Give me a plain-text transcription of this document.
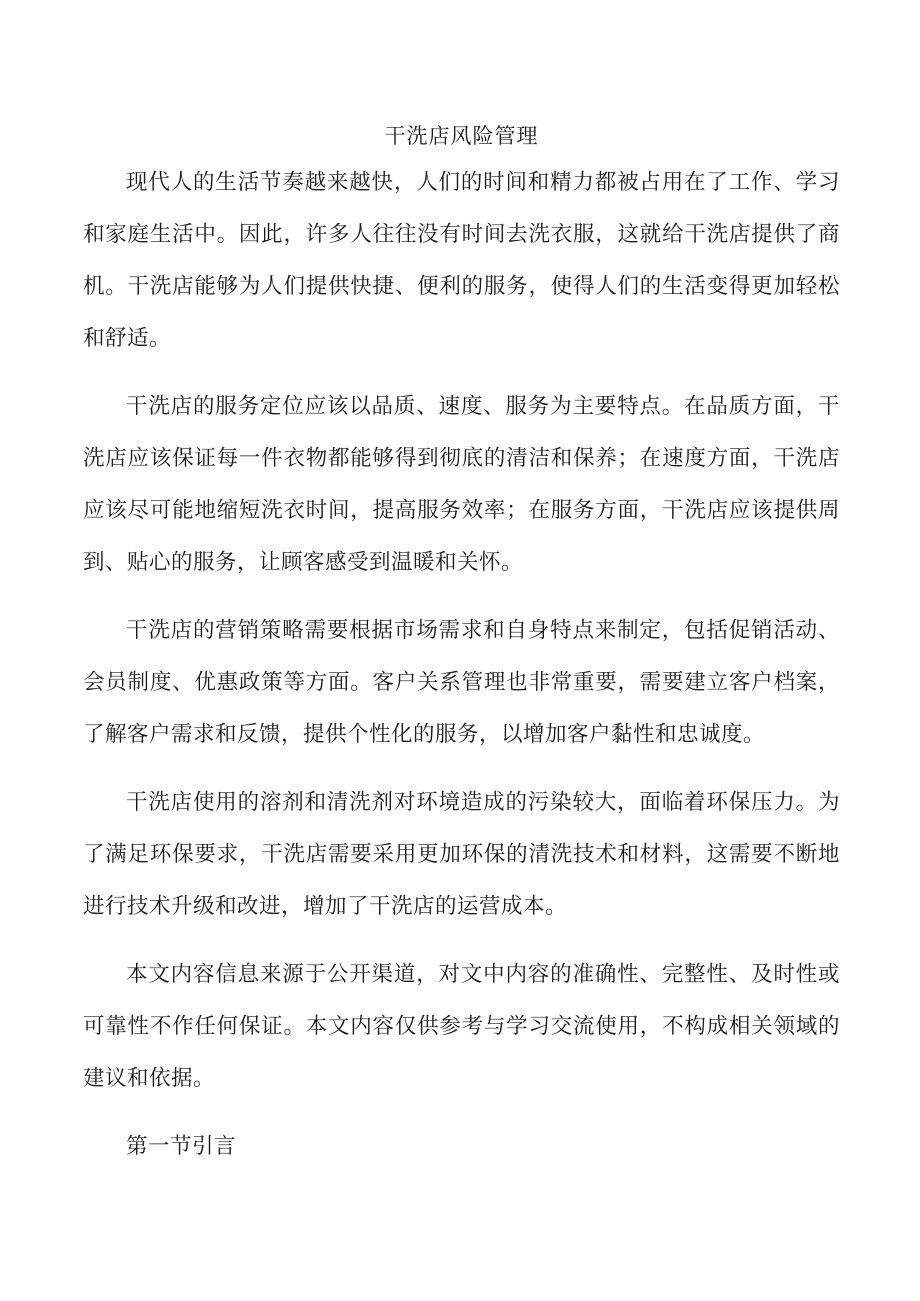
干洗店风险管理

现代人的生活节奏越来越快，人们的时间和精力都被占用在了工作、学习和家庭生活中。因此，许多人往往没有时间去洗衣服，这就给干洗店提供了商机。干洗店能够为人们提供快捷、便利的服务，使得人们的生活变得更加轻松和舒适。

干洗店的服务定位应该以品质、速度、服务为主要特点。在品质方面，干洗店应该保证每一件衣物都能够得到彻底的清洁和保养；在速度方面，干洗店应该尽可能地缩短洗衣时间，提高服务效率；在服务方面，干洗店应该提供周到、贴心的服务，让顾客感受到温暖和关怀。

干洗店的营销策略需要根据市场需求和自身特点来制定，包括促销活动、会员制度、优惠政策等方面。客户关系管理也非常重要，需要建立客户档案，了解客户需求和反馈，提供个性化的服务，以增加客户黏性和忠诚度。

干洗店使用的溶剂和清洗剂对环境造成的污染较大，面临着环保压力。为了满足环保要求，干洗店需要采用更加环保的清洗技术和材料，这需要不断地进行技术升级和改进，增加了干洗店的运营成本。

本文内容信息来源于公开渠道，对文中内容的准确性、完整性、及时性或可靠性不作任何保证。本文内容仅供参考与学习交流使用，不构成相关领域的建议和依据。

第一节引言
